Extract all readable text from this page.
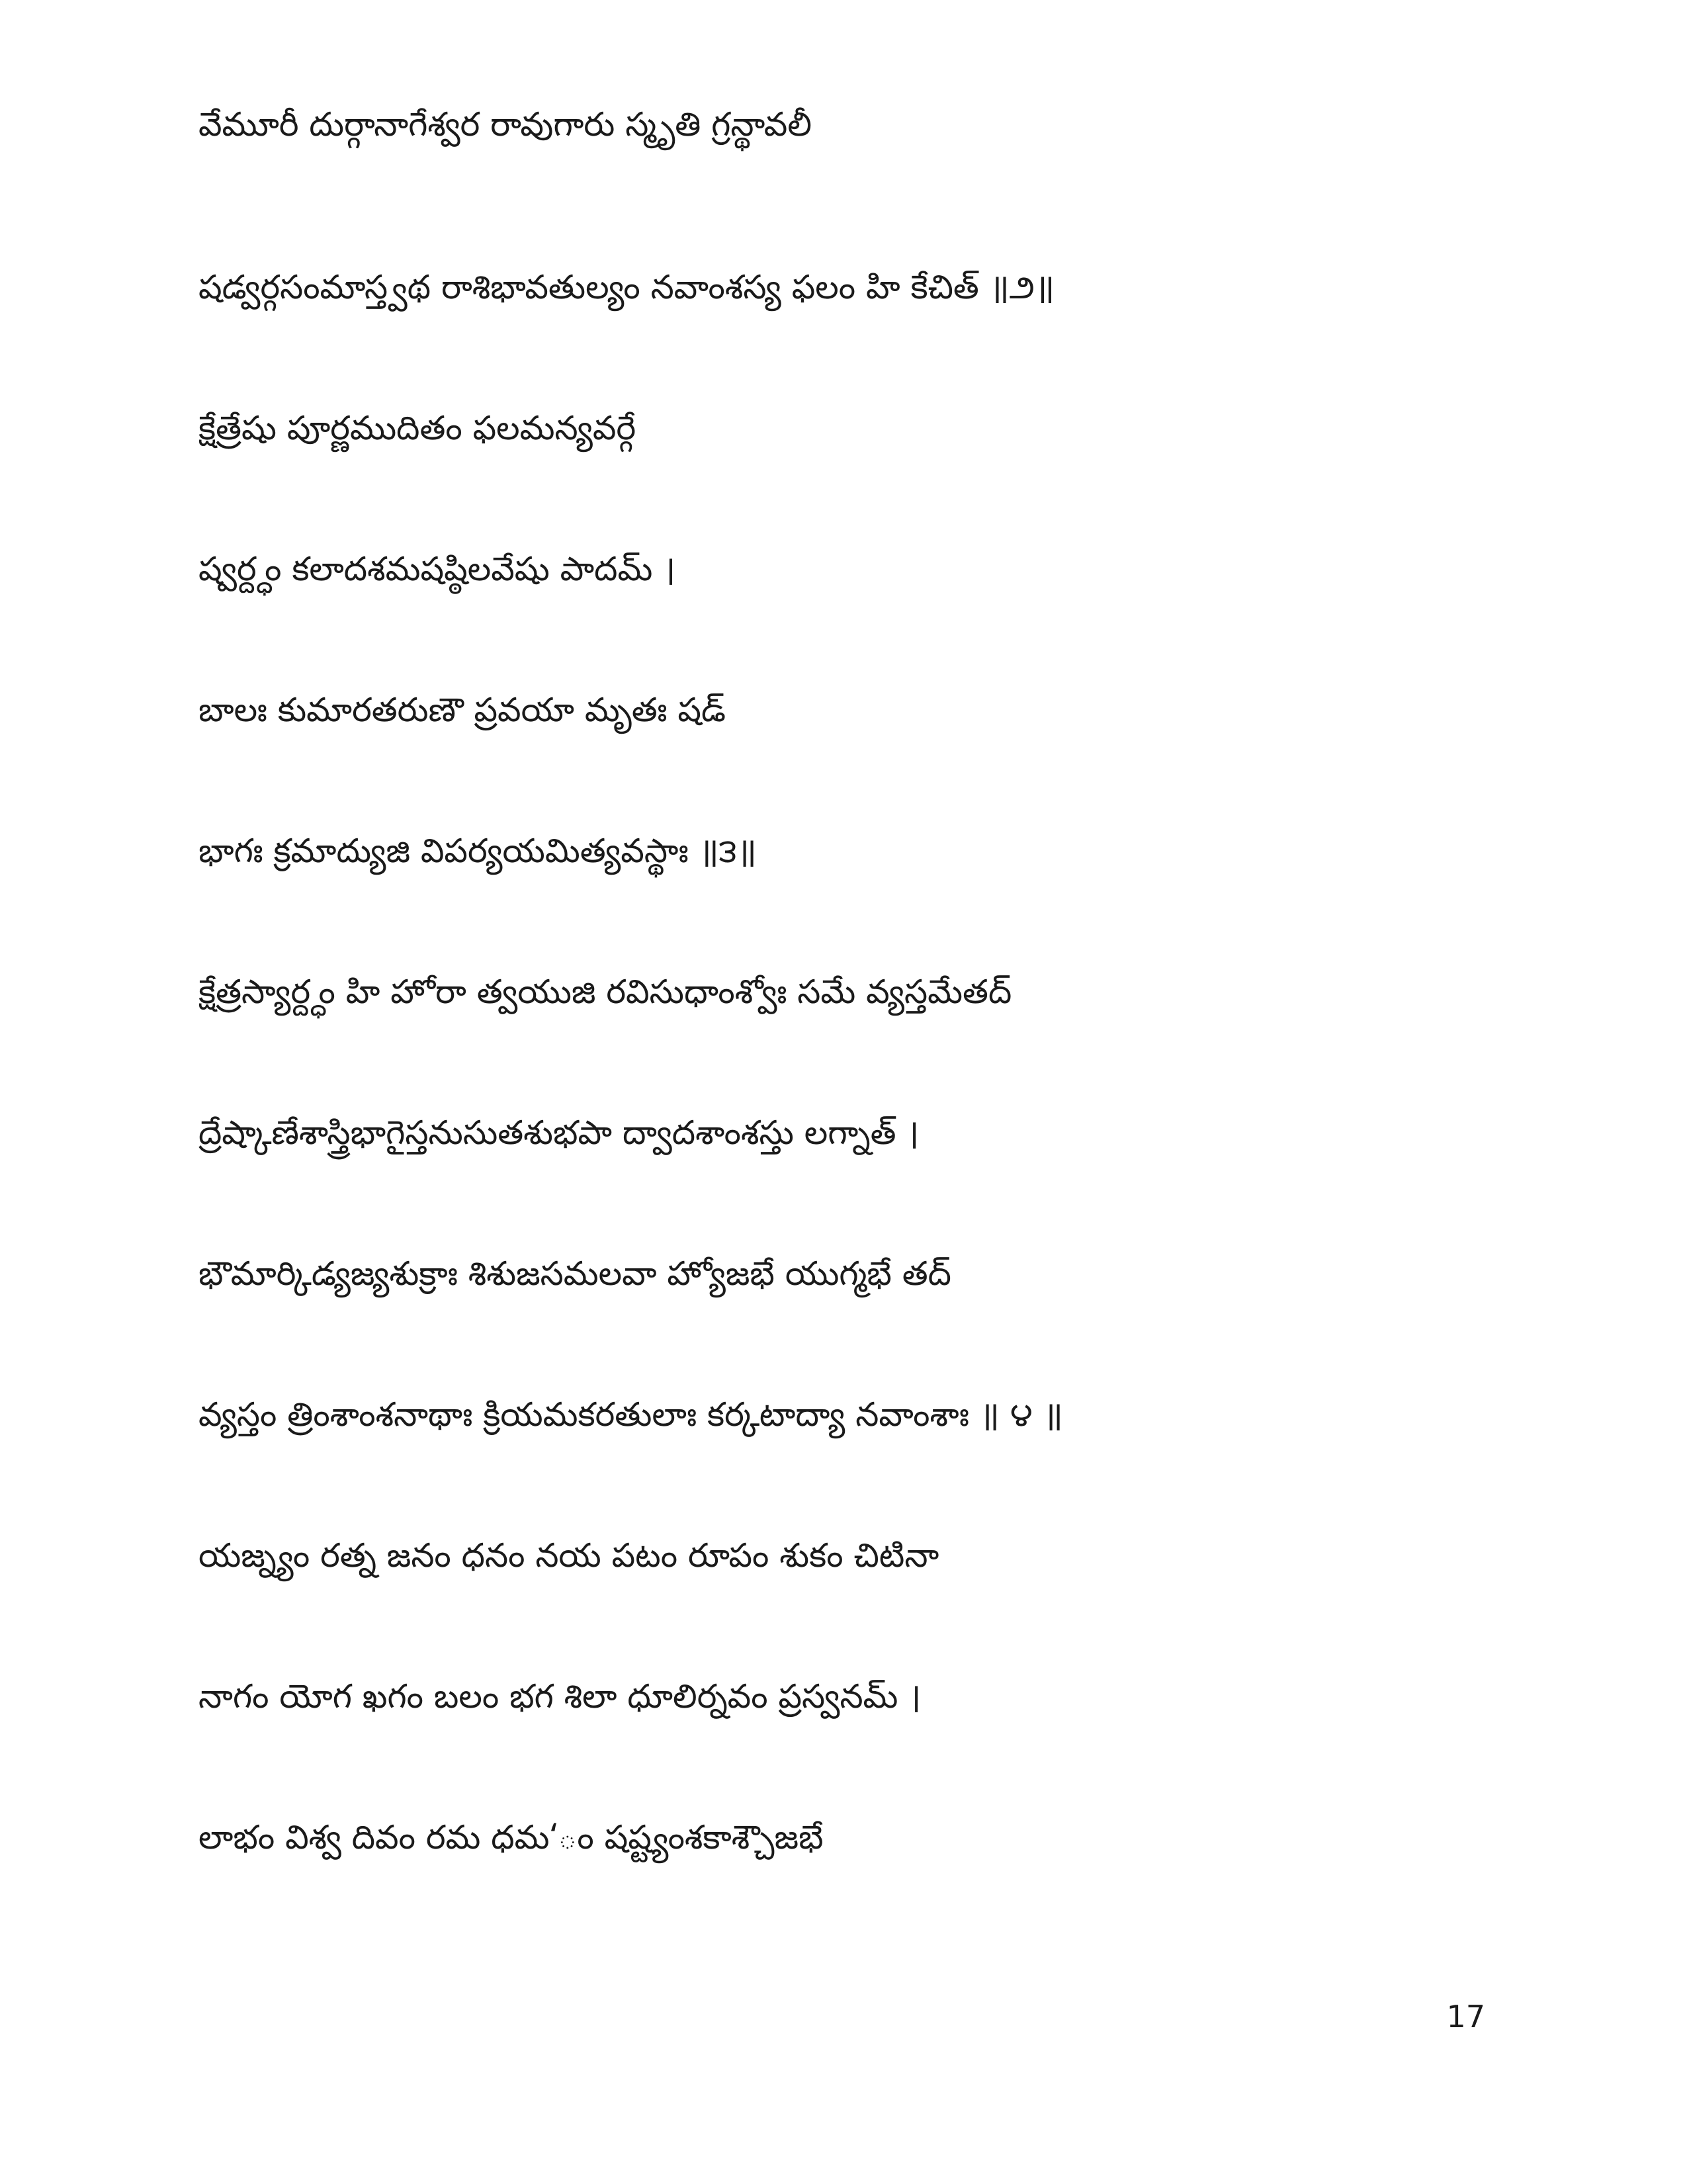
వేమూరీ దుర్గానాగేశ్వర రావుగారు స్మృతి గ్రన్థావలీ
షడ్వర్గసంమాస్త్వథ రాశిభావతుల్యం నవాంశస్య ఫలం హి కేచిత్ ॥౨॥
క్షేత్రేషు పూర్ణముదితం ఫలమన్యవర్గే
ష్వర్ద్ధం కలాదశమషష్ఠిలవేషు పాదమ్ ।
బాలః కుమారతరుణౌ ప్రవయా మృతః షడ్
భాగః క్రమాద్యుజి విపర్యయమిత్యవస్థాః ॥౩॥
క్షేత్రస్యార్ద్ధం హి హోరా త్వయుజి రవిసుధాంశ్వోః సమే వ్యస్తమేతద్
ద్రేష్కాణేశాస్త్రిభాగైస్తనుసుతశుభపా ద్వాదశాంశస్తు లగ్నాత్ ।
భౌమార్కిడ్యజ్యశుక్రాః శిశుజసమలవా హ్యోజభే యుగ్మభే తద్
వ్యస్తం త్రింశాంశనాథాః క్రియమకరతులాః కర్కటాద్యా నవాంశాః ॥ ౪ ॥
యజ్న్యం రత్న జనం ధనం నయ పటం రూపం శుకం చిటినా
నాగం యోగ ఖగం బలం భగ శిలా ధూలిర్నవం ప్రస్వనమ్ ।
లాభం విశ్వ దివం రమ ధమ‘ం షష్ట్యంశకాశ్చౌజభే
17
